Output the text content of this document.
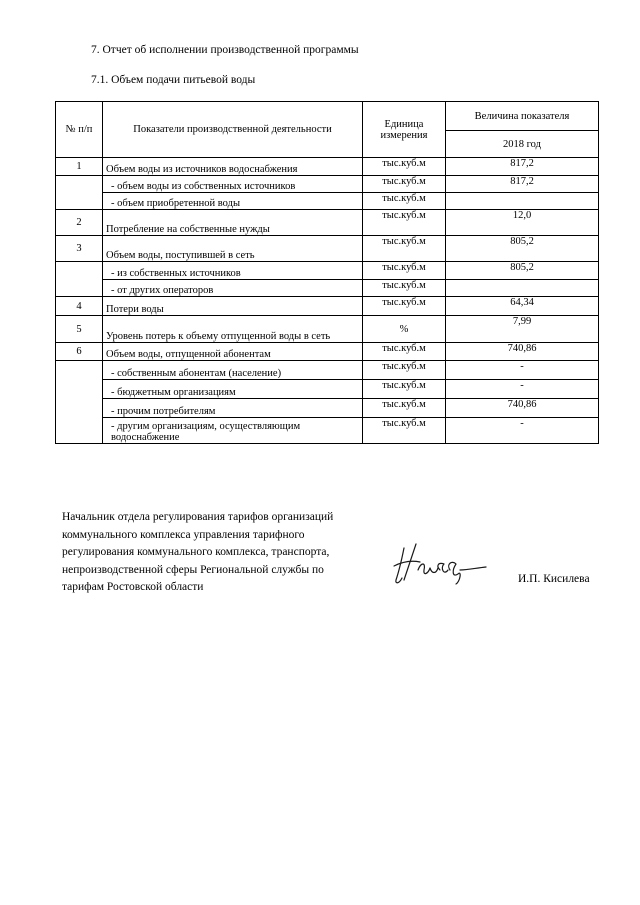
7. Отчет об исполнении производственной программы
7.1. Объем подачи питьевой воды
№ п/п	Показатели производственной деятельности	Единица измерения	Величина показателя
			2018 год
1	Объем воды из источников водоснабжения	тыс.куб.м	817,2
	- объем воды из собственных источников	тыс.куб.м	817,2
	- объем приобретенной воды	тыс.куб.м	
2	Потребление на собственные нужды	тыс.куб.м	12,0
3	Объем воды, поступившей в сеть	тыс.куб.м	805,2
	- из собственных источников	тыс.куб.м	805,2
	- от других операторов	тыс.куб.м	
4	Потери воды	тыс.куб.м	64,34
5	Уровень потерь к объему отпущенной воды в сеть	%	7,99
6	Объем воды, отпущенной абонентам	тыс.куб.м	740,86
	- собственным абонентам (население)	тыс.куб.м	-
	- бюджетным организациям	тыс.куб.м	-
	- прочим потребителям	тыс.куб.м	740,86
	- другим организациям, осуществляющим водоснабжение	тыс.куб.м	-
Начальник отдела регулирования тарифов организаций
коммунального комплекса управления тарифного
регулирования коммунального комплекса, транспорта,
непроизводственной сферы Региональной службы по
тарифам Ростовской области
И.П. Кисилева
